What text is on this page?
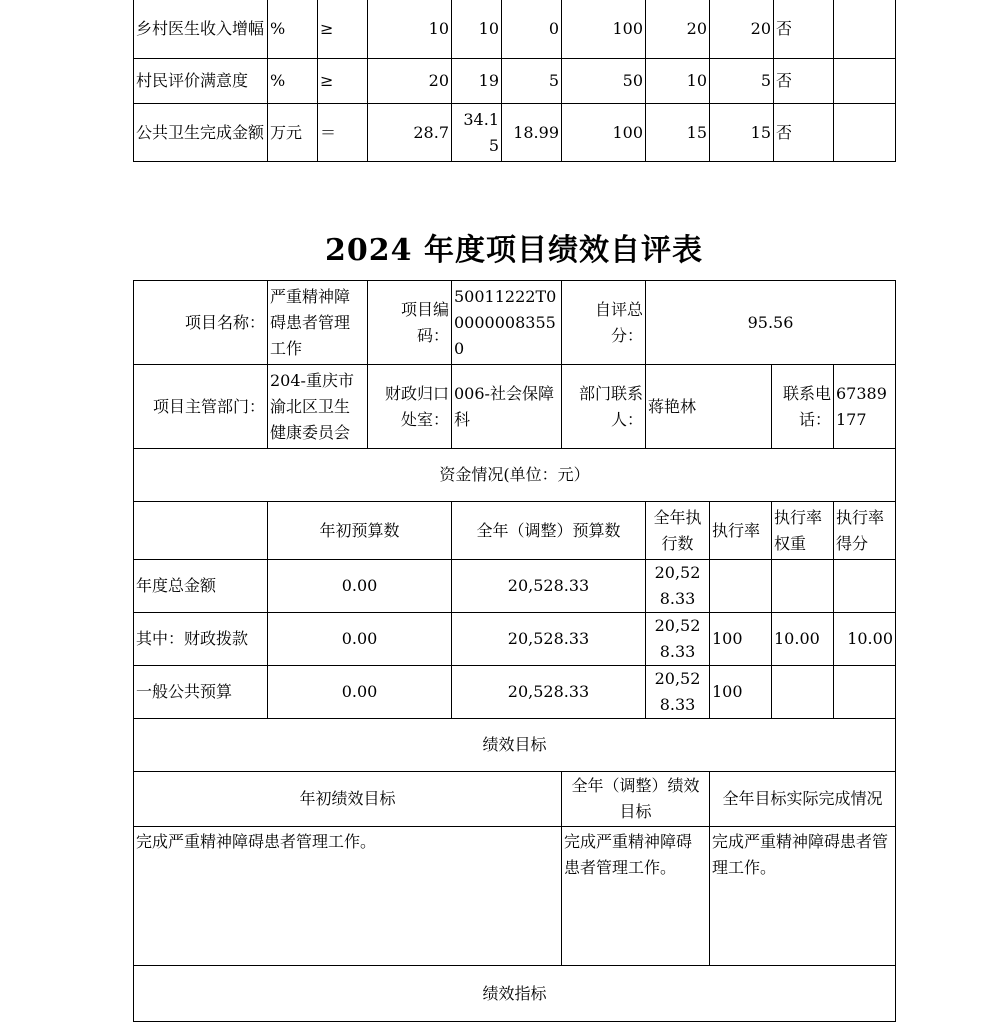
乡村医生收入增幅	%	≥	10	10	0	100	20	20	否	
村民评价满意度	%	≥	20	19	5	50	10	5	否	
公共卫生完成金额	万元	＝	28.7	34.15	18.99	100	15	15	否	
2024 年度项目绩效自评表
项目名称：	严重精神障碍患者管理工作	项目编码：	50011222T000000083550	自评总分：	95.56			
项目主管部门：	204-重庆市渝北区卫生健康委员会	财政归口处室：	006-社会保障科	部门联系人：	蒋艳林		联系电话：	67389177
资金情况(单位：元）								
	年初预算数		全年（调整）预算数		全年执行数	执行率	执行率权重	执行率得分
年度总金额	0.00		20,528.33		20,528.33			
其中：财政拨款	0.00		20,528.33		20,528.33	100	10.00	10.00
一般公共预算	0.00		20,528.33		20,528.33	100		
绩效目标								
年初绩效目标				全年（调整）绩效目标		全年目标实际完成情况		
完成严重精神障碍患者管理工作。				完成严重精神障碍患者管理工作。		完成严重精神障碍患者管理工作。		
绩效指标								
